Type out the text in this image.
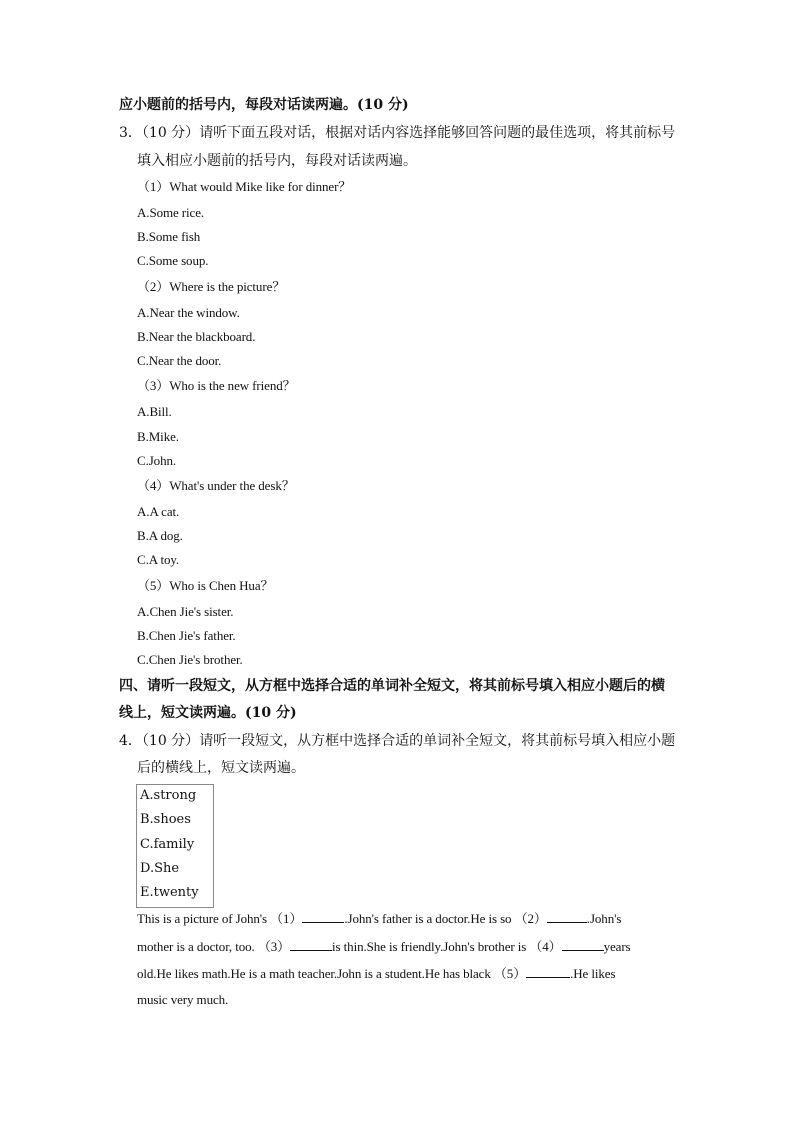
应小题前的括号内，每段对话读两遍。(10 分)
3．（10 分）请听下面五段对话，根据对话内容选择能够回答问题的最佳选项，将其前标号
填入相应小题前的括号内，每段对话读两遍。
（1）What would Mike like for dinner？
A.Some rice.
B.Some fish
C.Some soup.
（2）Where is the picture？
A.Near the window.
B.Near the blackboard.
C.Near the door.
（3）Who is the new friend？
A.Bill.
B.Mike.
C.John.
（4）What's under the desk？
A.A cat.
B.A dog.
C.A toy.
（5）Who is Chen Hua？
A.Chen Jie's sister.
B.Chen Jie's father.
C.Chen Jie's brother.
四、请听一段短文，从方框中选择合适的单词补全短文，将其前标号填入相应小题后的横
线上，短文读两遍。(10 分)
4．（10 分）请听一段短文，从方框中选择合适的单词补全短文，将其前标号填入相应小题
后的横线上，短文读两遍。
A.strong
B.shoes
C.family
D.She
E.twenty
This is a picture of John's （1）	.John's father is a doctor.He is so （2）	.John's
mother is a doctor, too. （3）	is thin.She is friendly.John's brother is （4）	years
old.He likes math.He is a math teacher.John is a student.He has black （5）	.He likes
music very much.
